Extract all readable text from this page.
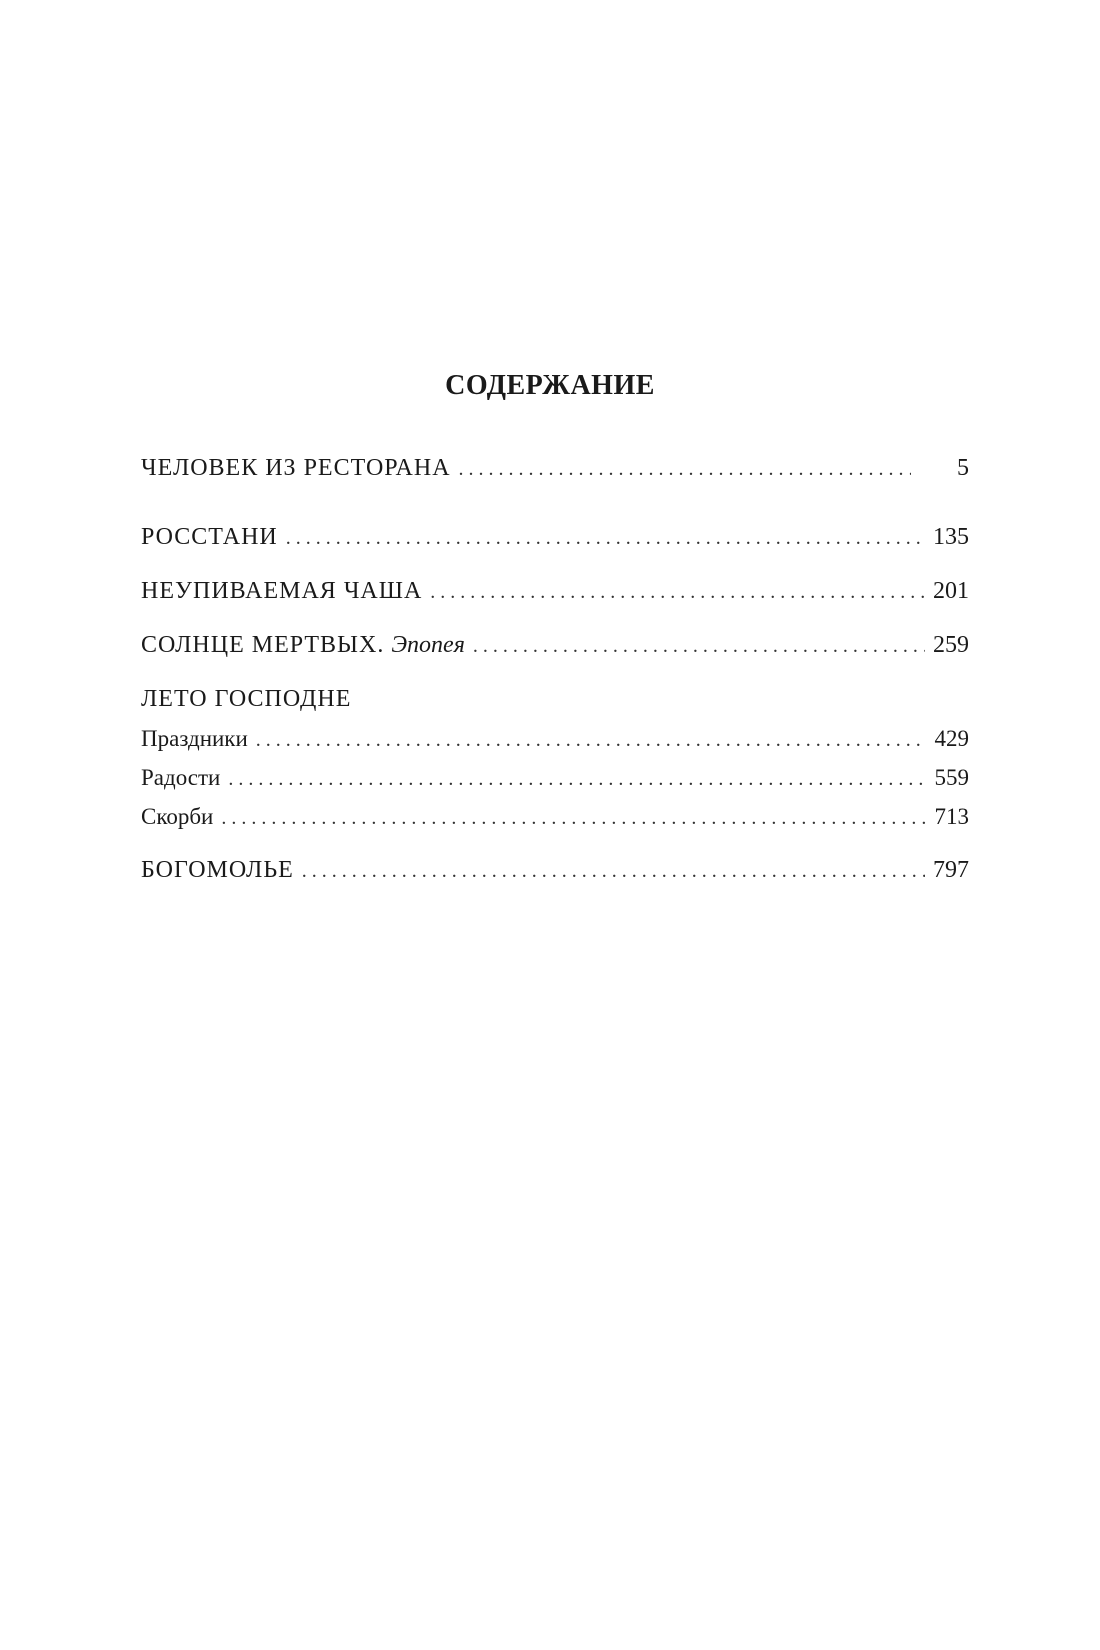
СОДЕРЖАНИЕ
ЧЕЛОВЕК ИЗ РЕСТОРАНА . . .	5
РОССТАНИ . . .	135
НЕУПИВАЕМАЯ ЧАША . . .	201
СОЛНЦЕ МЕРТВЫХ. Эпопея . . .	259
ЛЕТО ГОСПОДНЕ
Праздники . . .	429
Радости . . .	559
Скорби . . .	713
БОГОМОЛЬЕ . . .	797
